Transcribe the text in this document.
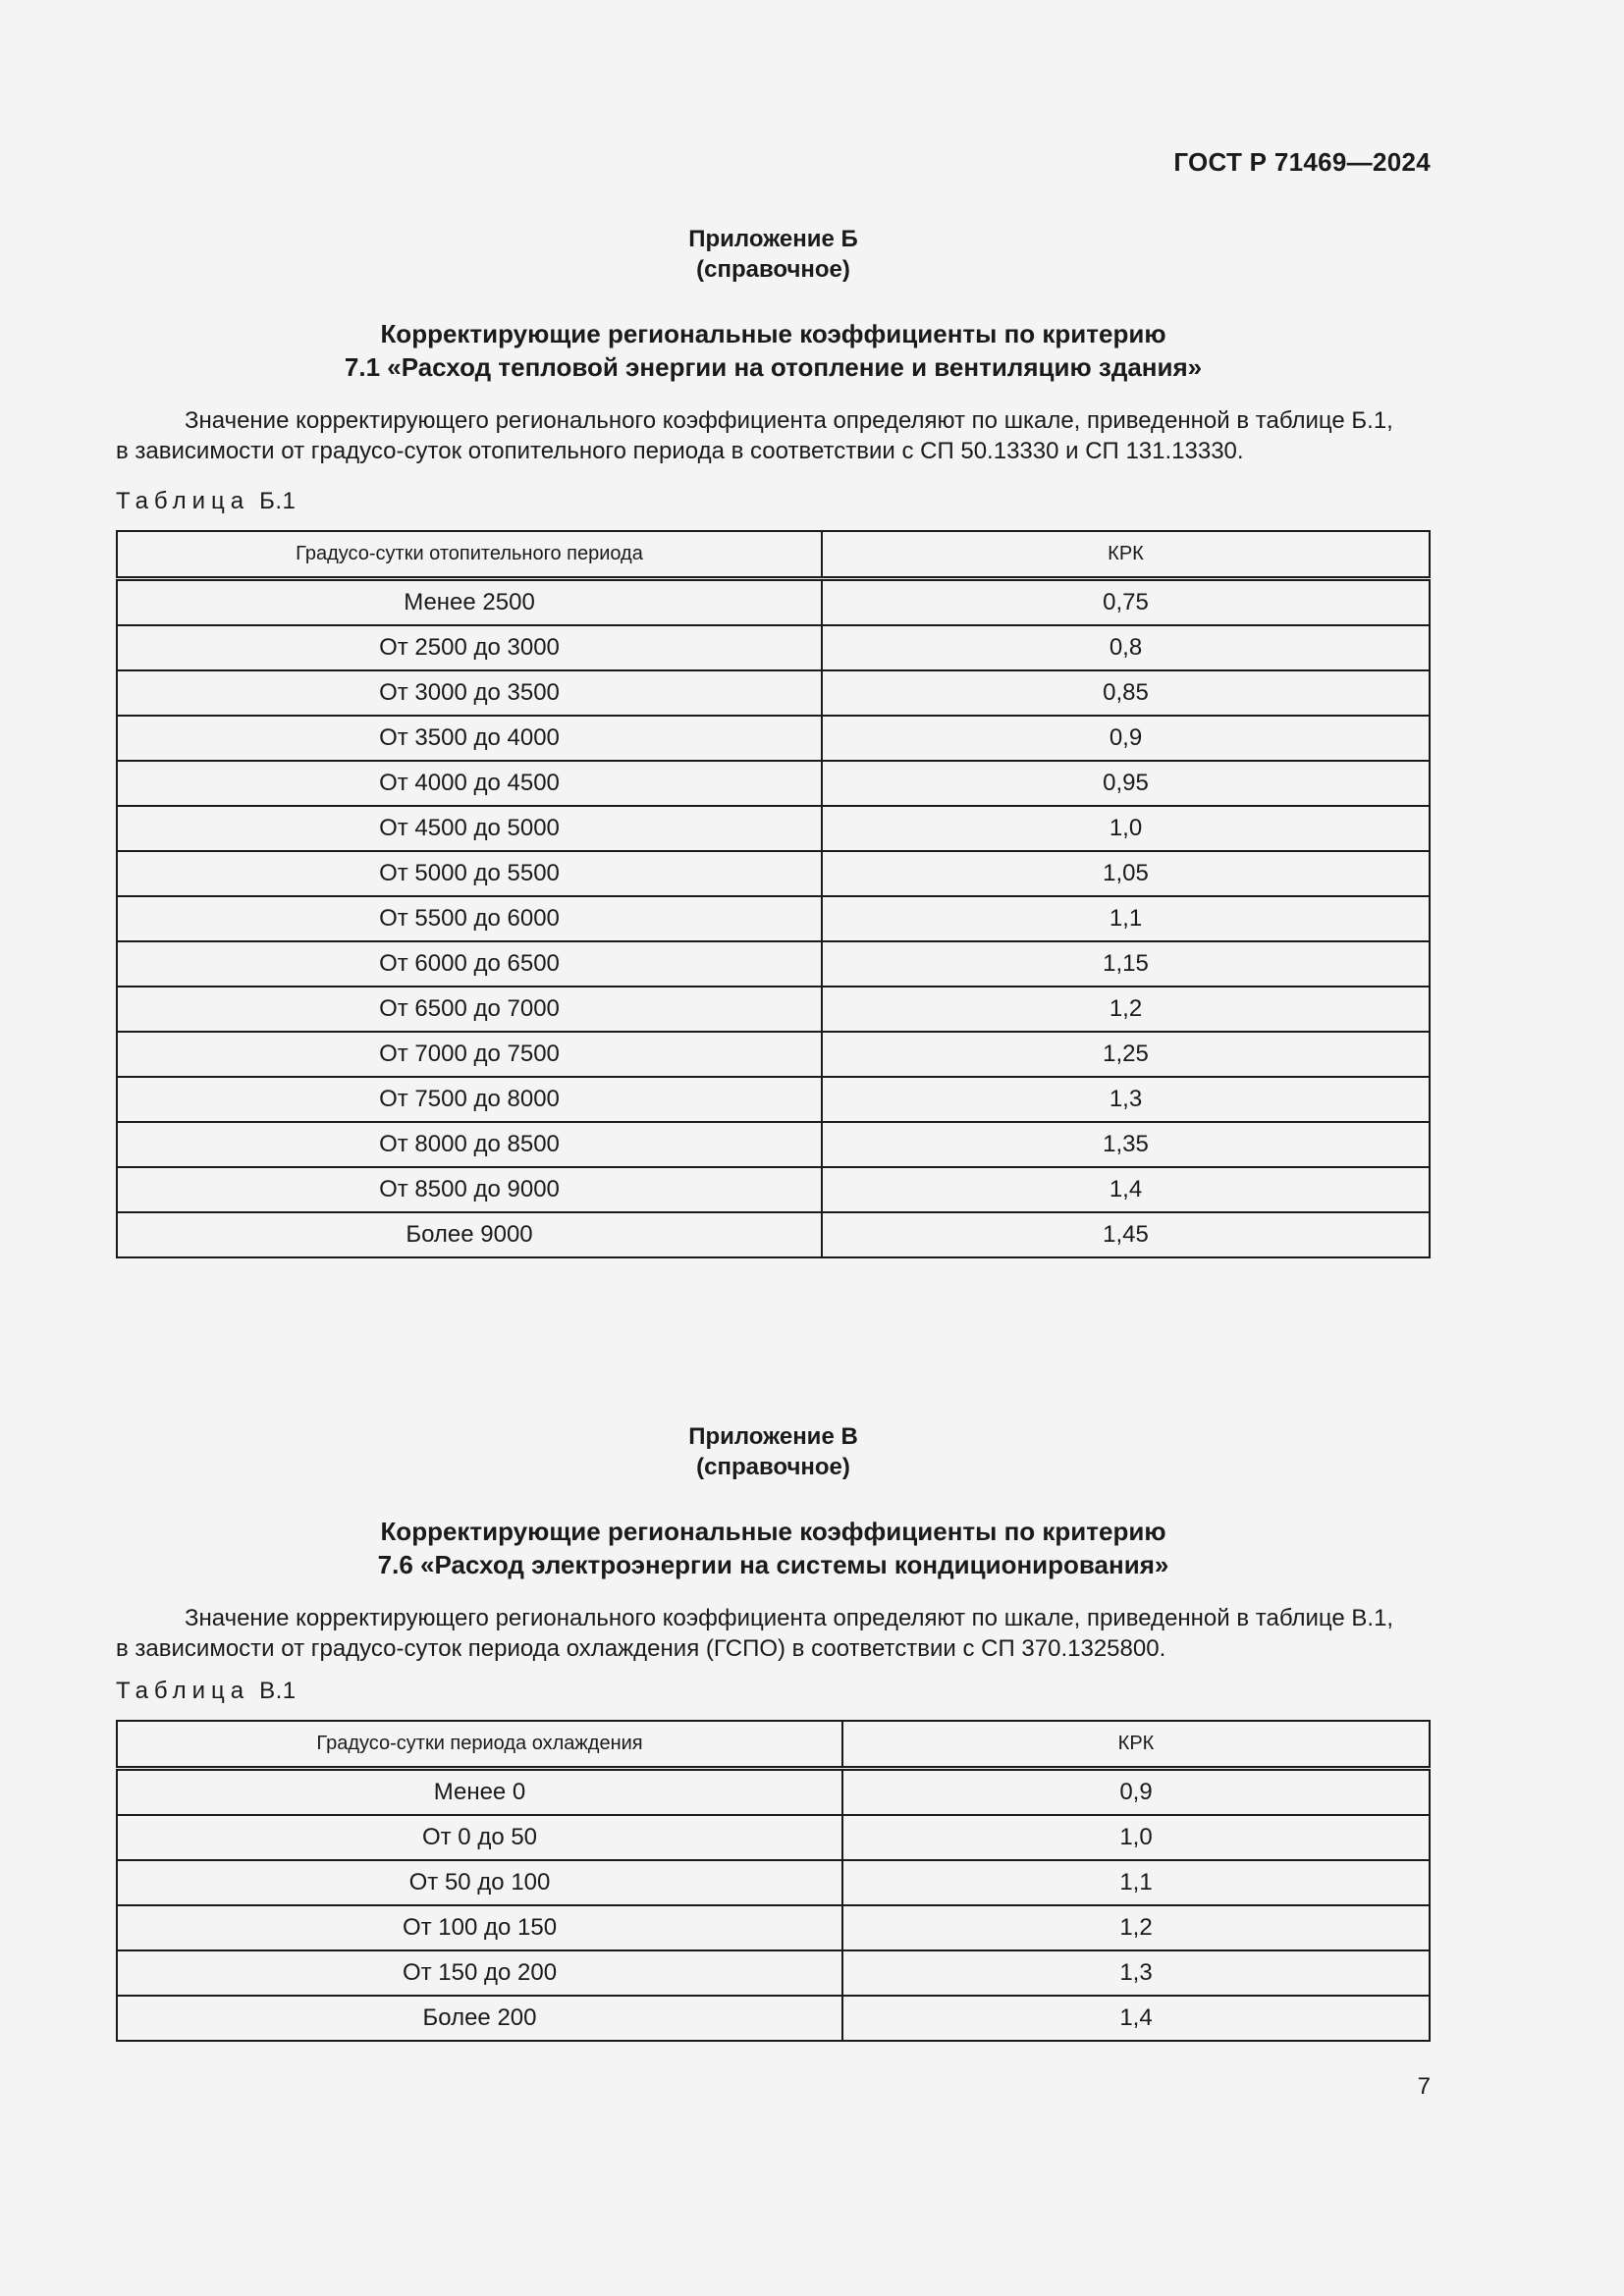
ГОСТ Р 71469—2024
Приложение Б
(справочное)
Корректирующие региональные коэффициенты по критерию
7.1 «Расход тепловой энергии на отопление и вентиляцию здания»
Значение корректирующего регионального коэффициента определяют по шкале, приведенной в таблице Б.1,
в зависимости от градусо-суток отопительного периода в соответствии с СП 50.13330 и СП 131.13330.
Таблица Б.1
Градусо-сутки отопительного периода	КРК
Менее 2500	0,75
От 2500 до 3000	0,8
От 3000 до 3500	0,85
От 3500 до 4000	0,9
От 4000 до 4500	0,95
От 4500 до 5000	1,0
От 5000 до 5500	1,05
От 5500 до 6000	1,1
От 6000 до 6500	1,15
От 6500 до 7000	1,2
От 7000 до 7500	1,25
От 7500 до 8000	1,3
От 8000 до 8500	1,35
От 8500 до 9000	1,4
Более 9000	1,45
Приложение В
(справочное)
Корректирующие региональные коэффициенты по критерию
7.6 «Расход электроэнергии на системы кондиционирования»
Значение корректирующего регионального коэффициента определяют по шкале, приведенной в таблице В.1,
в зависимости от градусо-суток периода охлаждения (ГСПО) в соответствии с СП 370.1325800.
Таблица В.1
Градусо-сутки периода охлаждения	КРК
Менее 0	0,9
От 0 до 50	1,0
От 50 до 100	1,1
От 100 до 150	1,2
От 150 до 200	1,3
Более 200	1,4
7
